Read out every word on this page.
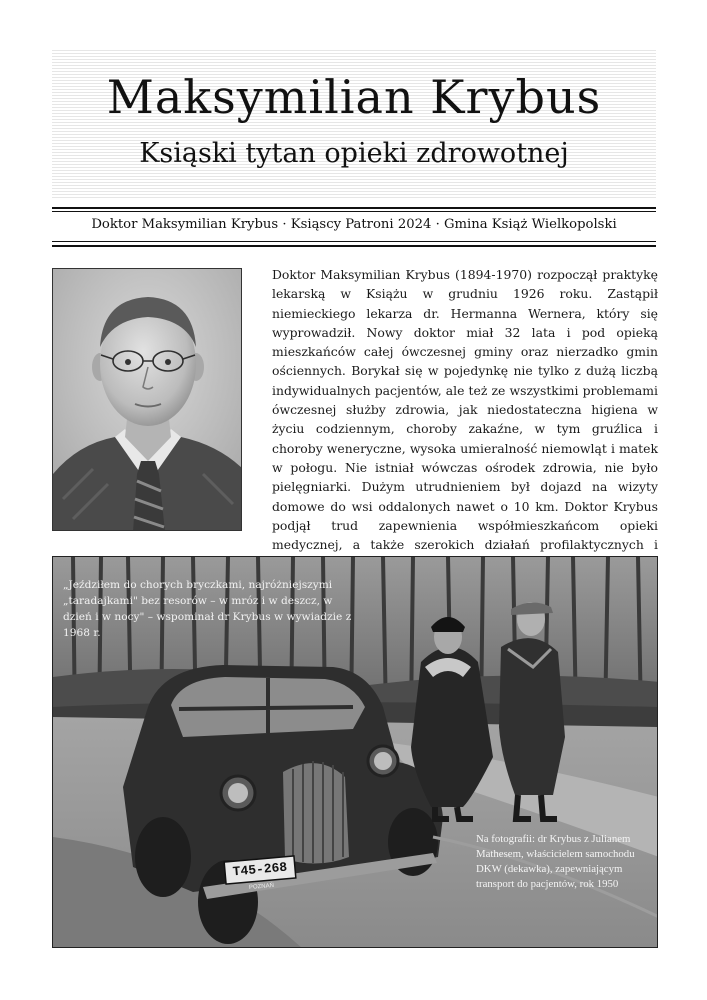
Maksymilian Krybus
Ksiąski tytan opieki zdrowotnej
Doktor Maksymilian Krybus · Ksiąscy Patroni 2024 · Gmina Książ Wielkopolski

Doktor Maksymilian Krybus (1894-1970) rozpoczął praktykę lekarską w Książu w grudniu 1926 roku. Zastąpił niemieckiego lekarza dr. Hermanna Wernera, który się wyprowadził. Nowy doktor miał 32 lata i pod opieką mieszkańców całej ówczesnej gminy oraz nierzadko gmin ościennych. Borykał się w pojedynkę nie tylko z dużą liczbą indywidualnych pacjentów, ale też ze wszystkimi problemami ówczesnej służby zdrowia, jak niedostateczna higiena w życiu codziennym, choroby zakaźne, w tym gruźlica i choroby weneryczne, wysoka umieralność niemowląt i matek w połogu. Nie istniał wówczas ośrodek zdrowia, nie było pielęgniarki. Dużym utrudnieniem był dojazd na wizyty domowe do wsi oddalonych nawet o 10 km. Doktor Krybus podjął trud zapewnienia współmieszkańcom opieki medycznej, a także szerokich działań profilaktycznych i

T45-268
POZNAŃ
„Jeździłem do chorych bryczkami, najróżniejszymi „taradajkami" bez resorów – w mróz i w deszcz, w dzień i w nocy" – wspominał dr Krybus w wywiadzie z 1968 r.
Na fotografii: dr Krybus z Julianem Mathesem, właścicielem samochodu DKW (dekawka), zapewniającym transport do pacjentów, rok 1950
